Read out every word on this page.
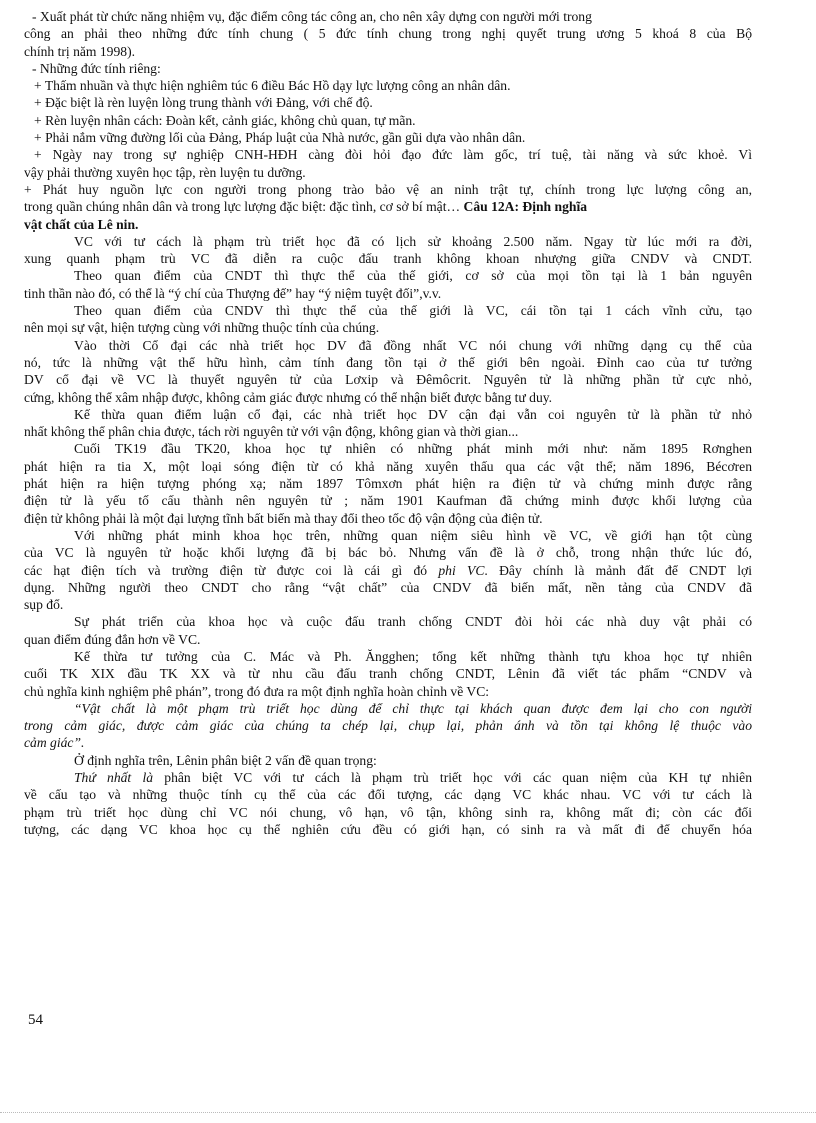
- Xuất phát từ chức năng nhiệm vụ, đặc điểm công tác công an, cho nên xây dựng con người mới trong

công an phải theo những đức tính chung ( 5 đức tính chung trong nghị quyết trung ương 5 khoá 8 của Bộ

chính trị năm 1998).

- Những đức tính riêng:

+ Thấm nhuần và thực hiện nghiêm túc 6 điều Bác Hồ dạy lực lượng công an nhân dân.

+ Đặc biệt là rèn luyện lòng trung thành với Đảng, với chế độ.

+ Rèn luyện nhân cách: Đoàn kết, cảnh giác, không chủ quan, tự mãn.

+ Phải nắm vững đường lối của Đảng, Pháp luật của Nhà nước, gần gũi dựa vào nhân dân.

+ Ngày nay trong sự nghiệp CNH-HĐH càng đòi hỏi đạo đức làm gốc, trí tuệ, tài năng và sức khoẻ. Vì

vậy phải thường xuyên học tập, rèn luyện tu dưỡng.

+ Phát huy nguồn lực con người trong phong trào bảo vệ an ninh trật tự, chính trong lực lượng công an,

trong quần chúng nhân dân và trong lực lượng đặc biệt: đặc tình, cơ sở bí mật… Câu 12A: Định nghĩa

vật chất của Lê nin.

VC với tư cách là phạm trù triết học đã có lịch sử khoảng 2.500 năm. Ngay từ lúc mới ra đời,

xung quanh phạm trù VC đã diễn ra cuộc đấu tranh không khoan nhượng giữa CNDV và CNDT.

Theo quan điểm của CNDT thì thực thể của thế giới, cơ sở của mọi tồn tại là 1 bản nguyên

tinh thần nào đó, có thể là “ý chí của Thượng đế” hay “ý niệm tuyệt đối”,v.v.

Theo quan điểm của CNDV thì thực thể của thế giới là VC, cái tồn tại 1 cách vĩnh cửu, tạo

nên mọi sự vật, hiện tượng cùng với những thuộc tính của chúng.

Vào thời Cổ đại các nhà triết học DV đã đồng nhất VC nói chung với những dạng cụ thể của

nó, tức là những vật thể hữu hình, cảm tính đang tồn tại ở thế giới bên ngoài. Đỉnh cao của tư tưởng

DV cổ đại về VC là thuyết nguyên tử của Lơxip và Đêmôcrit. Nguyên tử là những phần tử cực nhỏ,

cứng, không thể xâm nhập được, không cảm giác được nhưng có thể nhận biết được bằng tư duy.

Kế thừa quan điểm luận cổ đại, các nhà triết học DV cận đại vẫn coi nguyên tử là phần tử nhỏ

nhất không thể phân chia được, tách rời nguyên tử với vận động, không gian và thời gian...

Cuối TK19 đầu TK20, khoa học tự nhiên có những phát minh mới như: năm 1895 Rơnghen

phát hiện ra tia X, một loại sóng điện từ có khả năng xuyên thấu qua các vật thể; năm 1896, Bécơren

phát hiện ra hiện tượng phóng xạ; năm 1897 Tômxơn phát hiện ra điện tử và chứng minh được rằng

điện tử là yếu tố cấu thành nên nguyên tử ; năm 1901 Kaufman đã chứng minh được khối lượng của

điện tử không phải là một đại lượng tĩnh bất biến mà thay đổi theo tốc độ vận động của điện tử.

Với những phát minh khoa học trên, những quan niệm siêu hình về VC, về giới hạn tột cùng

của VC là nguyên tử hoặc khối lượng đã bị bác bỏ. Nhưng vấn đề là ở chỗ, trong nhận thức lúc đó,

các hạt điện tích và trường điện từ được coi là cái gì đó phi VC. Đây chính là mảnh đất để CNDT lợi

dụng. Những người theo CNDT cho rằng “vật chất” của CNDV đã biến mất, nền tảng của CNDV đã

sụp đổ.

Sự phát triển của khoa học và cuộc đấu tranh chống CNDT đòi hỏi các nhà duy vật phải có

quan điểm đúng đắn hơn về VC.

Kế thừa tư tưởng của C. Mác và Ph. Ăngghen; tổng kết những thành tựu khoa học tự nhiên

cuối TK XIX đầu TK XX và từ nhu cầu đấu tranh chống CNDT, Lênin đã viết tác phẩm “CNDV và

chủ nghĩa kinh nghiệm phê phán”, trong đó đưa ra một định nghĩa hoàn chỉnh về VC:

“Vật chất là một phạm trù triết học dùng để chỉ thực tại khách quan được đem lại cho con người

trong cảm giác, được cảm giác của chúng ta chép lại, chụp lại, phản ánh và tồn tại không lệ thuộc vào

cảm giác”.

Ở định nghĩa trên, Lênin phân biệt 2 vấn đề quan trọng:

Thứ nhất là phân biệt VC với tư cách là phạm trù triết học với các quan niệm của KH tự nhiên

về cấu tạo và những thuộc tính cụ thể của các đối tượng, các dạng VC khác nhau. VC với tư cách là

phạm trù triết học dùng chỉ VC nói chung, vô hạn, vô tận, không sinh ra, không mất đi; còn các đối

tượng, các dạng VC khoa học cụ thể nghiên cứu đều có giới hạn, có sinh ra và mất đi để chuyển hóa

54
